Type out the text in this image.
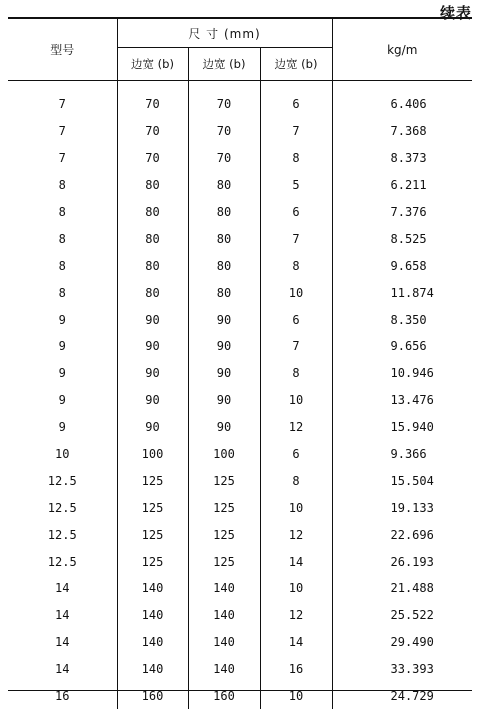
续表
型号	尺 寸 (mm)			kg/m
	边宽 (b)	边宽 (b)	边宽 (b)	
7	70	70	6	6.406
7	70	70	7	7.368
7	70	70	8	8.373
8	80	80	5	6.211
8	80	80	6	7.376
8	80	80	7	8.525
8	80	80	8	9.658
8	80	80	10	11.874
9	90	90	6	8.350
9	90	90	7	9.656
9	90	90	8	10.946
9	90	90	10	13.476
9	90	90	12	15.940
10	100	100	6	9.366
12.5	125	125	8	15.504
12.5	125	125	10	19.133
12.5	125	125	12	22.696
12.5	125	125	14	26.193
14	140	140	10	21.488
14	140	140	12	25.522
14	140	140	14	29.490
14	140	140	16	33.393
16	160	160	10	24.729
